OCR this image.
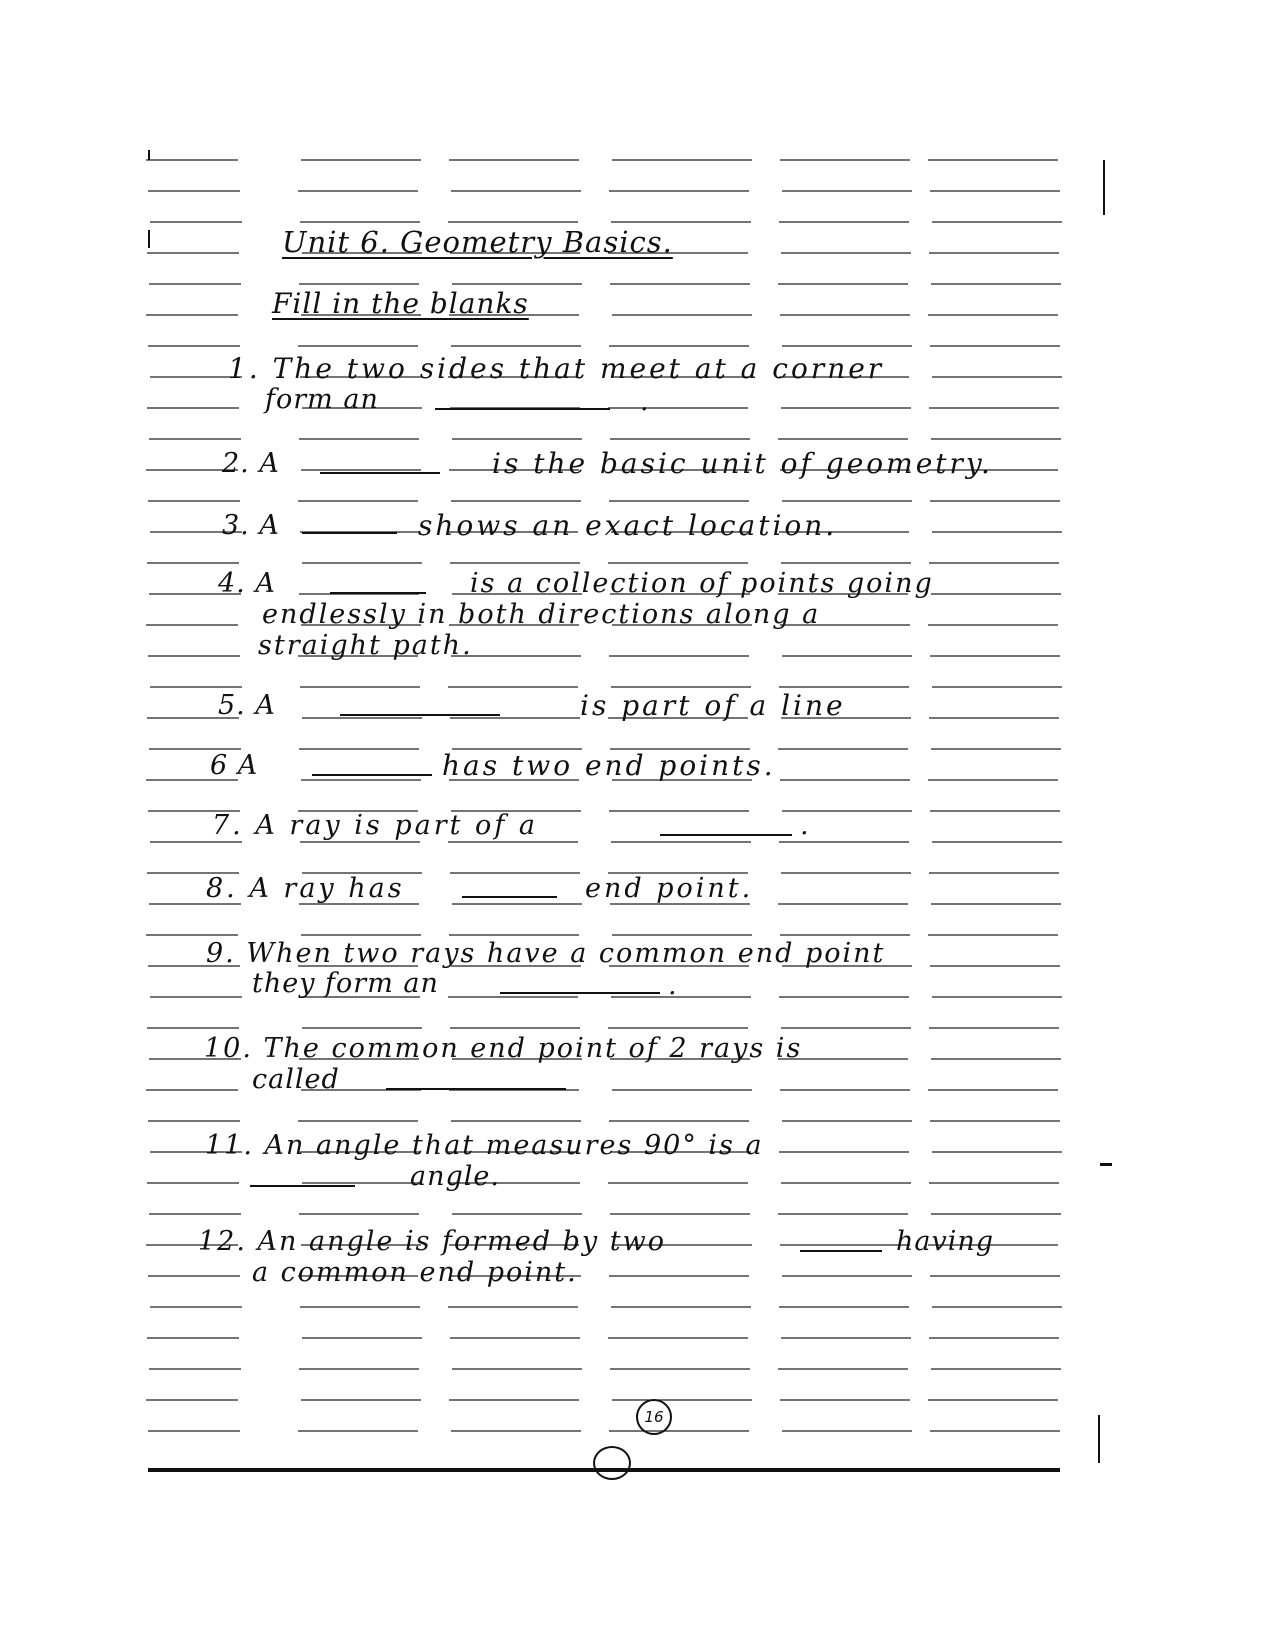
Unit 6. Geometry Basics.
Fill in the blanks
1. The two sides that meet at a corner
form an	.
2. A	is the basic unit of geometry.
3. A	shows an exact location.
4. A	is a collection of points going
endlessly in both directions along a
straight path.
5. A	is part of a line
6 A	has two end points.
7. A ray is part of a	.
8. A ray has	end point.
9. When two rays have a common end point
they form an	.
10. The common end point of 2 rays is
called
11. An angle that measures 90° is a
angle.
12. An angle is formed by two	having
a common end point.
16
